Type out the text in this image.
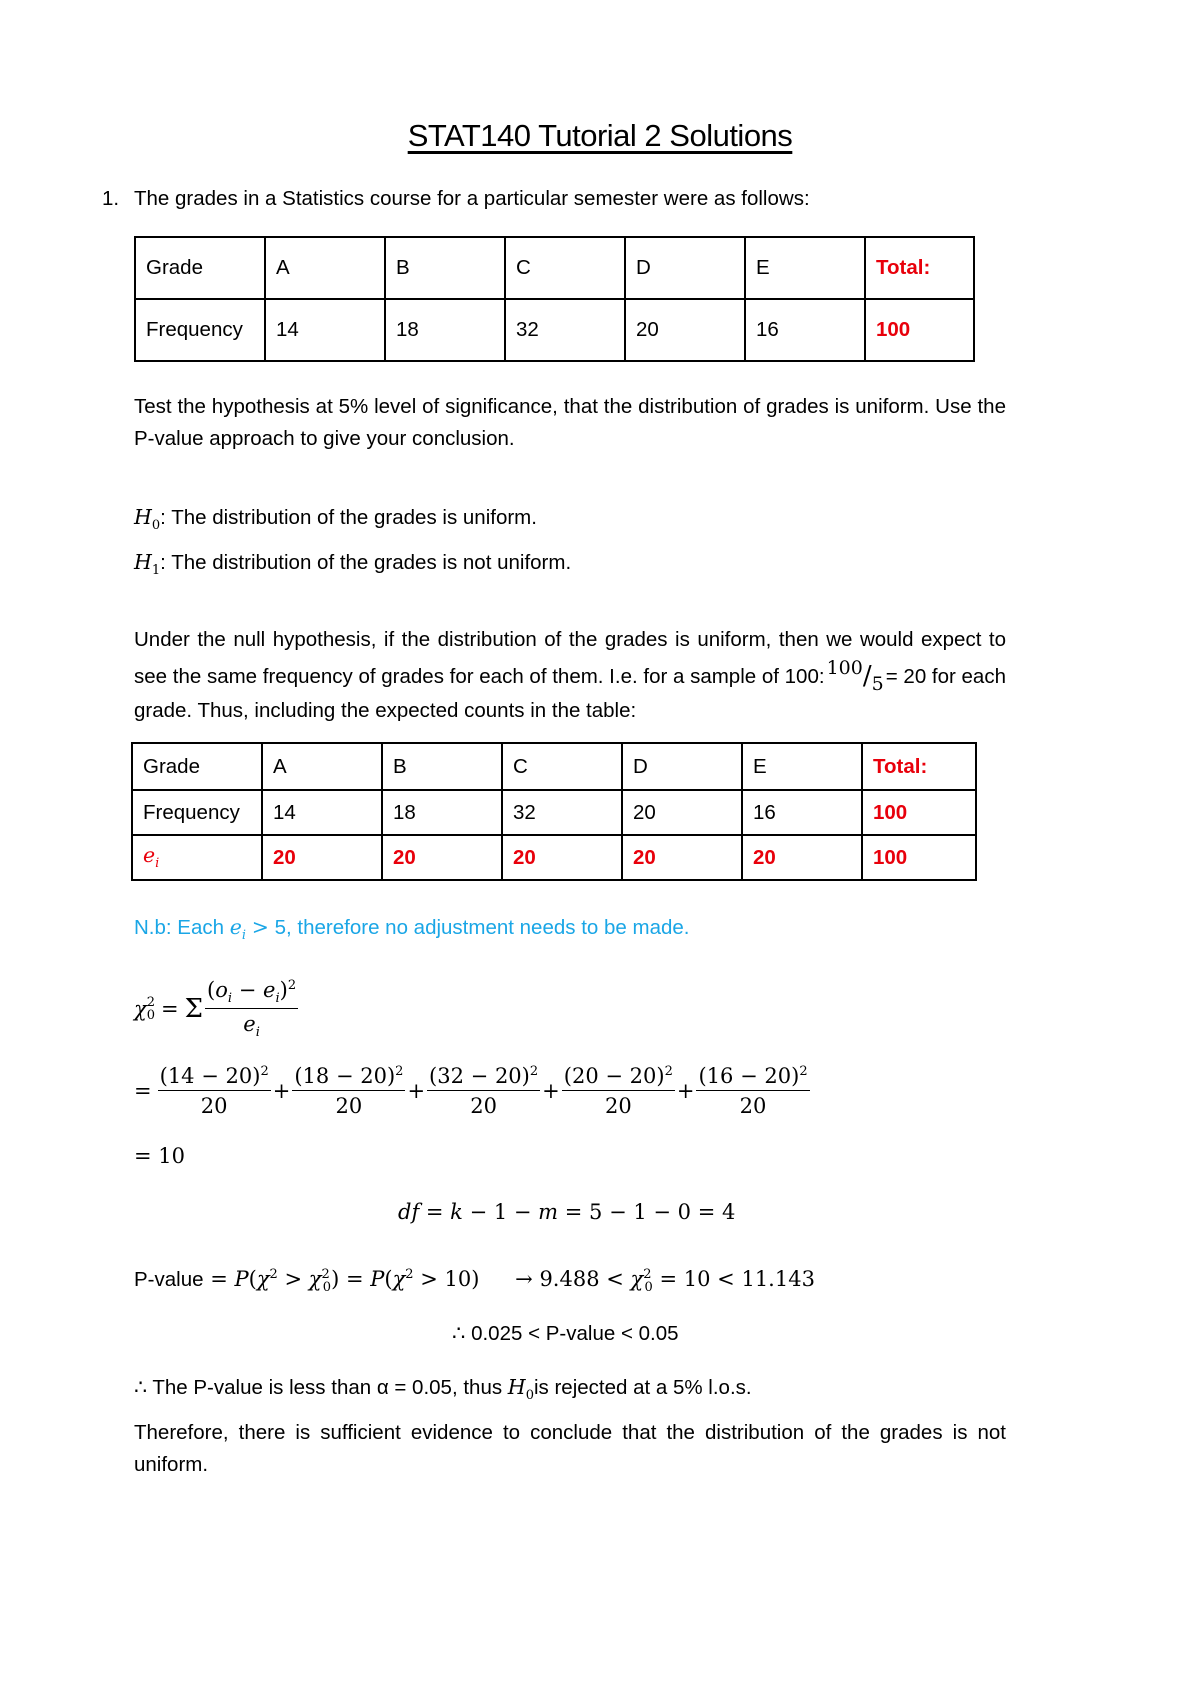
STAT140 Tutorial 2 Solutions
1. The grades in a Statistics course for a particular semester were as follows:
Grade	A	B	C	D	E	Total:
Frequency	14	18	32	20	16	100
Test the hypothesis at 5% level of significance, that the distribution of grades is uniform. Use the
P-value approach to give your conclusion.
$H_0$: The distribution of the grades is uniform.
$H_1$: The distribution of the grades is not uniform.
Under the null hypothesis, if the distribution of the grades is uniform, then we would expect to
see the same frequency of grades for each of them. I.e. for a sample of 100: 100/5 = 20 for each
grade. Thus, including the expected counts in the table:
Grade	A	B	C	D	E	Total:
Frequency	14	18	32	20	16	100
$e_i$	20	20	20	20	20	100
N.b: Each $e_i > 5$, therefore no adjustment needs to be made.
χ 2
0 = Σ $\frac{(o_i - e_i)^2}{e_i}$
= $\frac{(14 - 20)^2}{20} + \frac{(18 - 20)^2}{20} + \frac{(32 - 20)^2}{20} + \frac{(20 - 20)^2}{20} + \frac{(16 - 20)^2}{20}$
= 10
df = k − 1 − m = 5 − 1 − 0 = 4
P-value = $P(\chi^2 > \chi^2_0) = P(\chi^2 > 10) \to 9.488 < \chi^2_0 = 10 < 11.143$
∴ 0.025 < P-value < 0.05
∴ The P-value is less than α = 0.05, thus $H_0is$ rejected at a 5% l.o.s.
Therefore, there is sufficient evidence to conclude that the distribution of the grades is not
uniform.
